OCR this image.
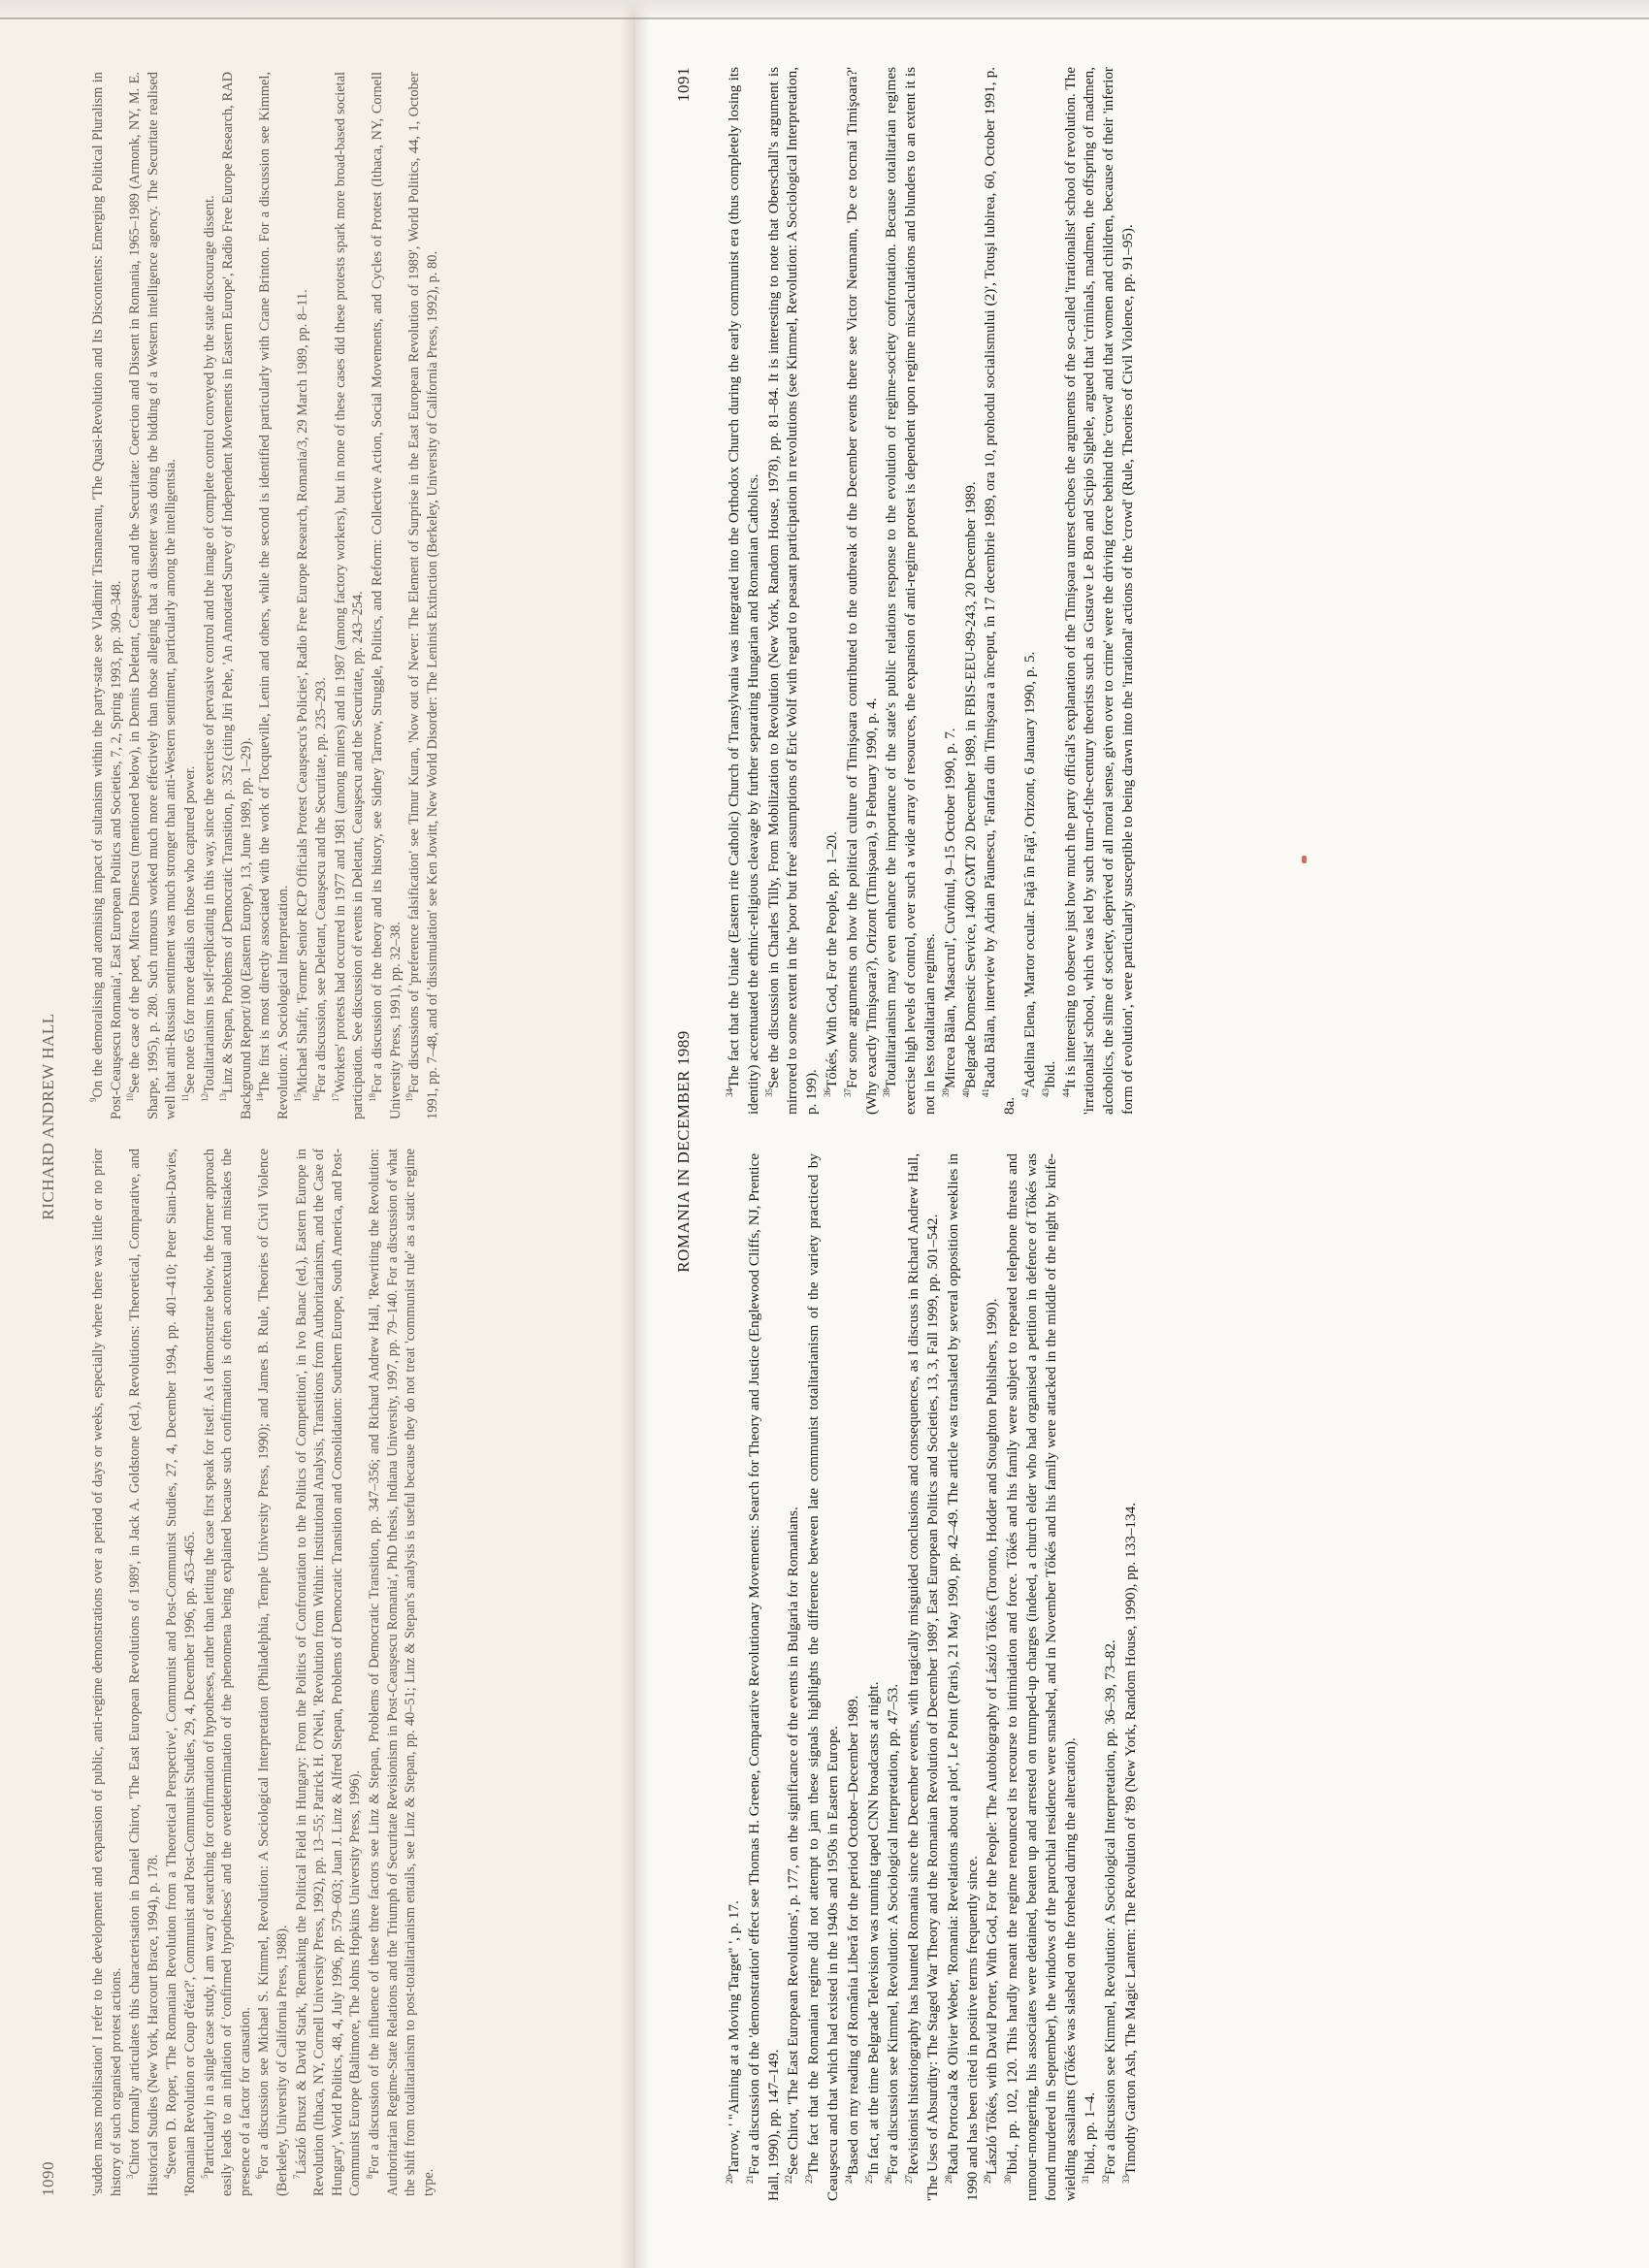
1090
RICHARD ANDREW HALL

'sudden mass mobilisation' I refer to the development and expansion of public, anti-regime demonstrations over a period of days or weeks, especially where there was little or no prior history of such organised protest actions. $^3$Chirot formally articulates this characterisation in Daniel Chirot, 'The East European Revolutions of 1989', in Jack A. Goldstone (ed.), Revolutions: Theoretical, Comparative, and Historical Studies (New York, Harcourt Brace, 1994), p. 178. $^4$Steven D. Roper, 'The Romanian Revolution from a Theoretical Perspective', Communist and Post-Communist Studies, 27, 4, December 1994, pp. 401–410; Peter Siani-Davies, 'Romanian Revolution or Coup d'état?', Communist and Post-Communist Studies, 29, 4, December 1996, pp. 453–465. $^5$Particularly in a single case study, I am wary of searching for confirmation of hypotheses, rather than letting the case first speak for itself. As I demonstrate below, the former approach easily leads to an inflation of 'confirmed hypotheses' and the overdetermination of the phenomena being explained because such confirmation is often acontextual and mistakes the presence of a factor for causation. $^6$For a discussion see Michael S. Kimmel, Revolution: A Sociological Interpretation (Philadelphia, Temple University Press, 1990); and James B. Rule, Theories of Civil Violence (Berkeley, University of California Press, 1988). $^7$László Bruszt & David Stark, 'Remaking the Political Field in Hungary: From the Politics of Confrontation to the Politics of Competition', in Ivo Banac (ed.), Eastern Europe in Revolution (Ithaca, NY, Cornell University Press, 1992), pp. 13–55; Patrick H. O'Neil, 'Revolution from Within: Institutional Analysis, Transitions from Authoritarianism, and the Case of Hungary', World Politics, 48, 4, July 1996, pp. 579–603; Juan J. Linz & Alfred Stepan, Problems of Democratic Transition and Consolidation: Southern Europe, South America, and Post-Communist Europe (Baltimore, The Johns Hopkins University Press, 1996). $^8$For a discussion of the influence of these three factors see Linz & Stepan, Problems of Democratic Transition, pp. 347–356; and Richard Andrew Hall, 'Rewriting the Revolution: Authoritarian Regime-State Relations and the Triumph of Securitate Revisionism in Post-Ceauşescu Romania', PhD thesis, Indiana University, 1997, pp. 79–140. For a discussion of what the shift from totalitarianism to post-totalitarianism entails, see Linz & Stepan, pp. 40–51; Linz & Stepan's analysis is useful because they do not treat 'communist rule' as a static regime type.

$^9$On the demoralising and atomising impact of sultanism within the party-state see Vladimir Tismaneanu, 'The Quasi-Revolution and Its Discontents: Emerging Political Pluralism in Post-Ceauşescu Romania', East European Politics and Societies, 7, 2, Spring 1993, pp. 309–348. $^{10}$See the case of the poet, Mircea Dinescu (mentioned below), in Dennis Deletant, Ceauşescu and the Securitate: Coercion and Dissent in Romania, 1965–1989 (Armonk, NY, M. E. Sharpe, 1995), p. 280. Such rumours worked much more effectively than those alleging that a dissenter was doing the bidding of a Western intelligence agency. The Securitate realised well that anti-Russian sentiment was much stronger than anti-Western sentiment, particularly among the intelligentsia. $^{11}$See note 65 for more details on those who captured power.

$^{12}$Totalitarianism is self-replicating in this way, since the exercise of pervasive control and the image of complete control conveyed by the state discourage dissent.

$^{13}$Linz & Stepan, Problems of Democratic Transition, p. 352 (citing Jiri Pehe, 'An Annotated Survey of Independent Movements in Eastern Europe', Radio Free Europe Research, RAD Background Report/100 (Eastern Europe), 13, June 1989, pp. 1–29). $^{14}$The first is most directly associated with the work of Tocqueville, Lenin and others, while the second is identified particularly with Crane Brinton. For a discussion see Kimmel, Revolution: A Sociological Interpretation. $^{15}$Michael Shafir, 'Former Senior RCP Officials Protest Ceauşescu's Policies', Radio Free Europe Research, Romania/3, 29 March 1989, pp. 8–11.

$^{16}$For a discussion, see Deletant, Ceauşescu and the Securitate, pp. 235–293.

$^{17}$Workers' protests had occurred in 1977 and 1981 (among miners) and in 1987 (among factory workers), but in none of these cases did these protests spark more broad-based societal participation. See discussion of events in Deletant, Ceauşescu and the Securitate, pp. 243–254. $^{18}$For a discussion of the theory and its history, see Sidney Tarrow, Struggle, Politics, and Reform: Collective Action, Social Movements, and Cycles of Protest (Ithaca, NY, Cornell University Press, 1991), pp. 32–38. $^{19}$For discussions of 'preference falsification' see Timur Kuran, 'Now out of Never: The Element of Surprise in the East European Revolution of 1989', World Politics, 44, 1, October 1991, pp. 7–48, and of 'dissimulation' see Ken Jowitt, New World Disorder: The Leninist Extinction (Berkeley, University of California Press, 1992), p. 80.

ROMANIA IN DECEMBER 1989
1091

$^{20}$Tarrow, ' "Aiming at a Moving Target" ', p. 17.

$^{21}$For a discussion of the 'demonstration' effect see Thomas H. Greene, Comparative Revolutionary Movements: Search for Theory and Justice (Englewood Cliffs, NJ, Prentice Hall, 1990), pp. 147–149. $^{22}$See Chirot, 'The East European Revolutions', p. 177, on the significance of the events in Bulgaria for Romanians.

$^{23}$The fact that the Romanian regime did not attempt to jam these signals highlights the difference between late communist totalitarianism of the variety practiced by Ceauşescu and that which had existed in the 1940s and 1950s in Eastern Europe. $^{24}$Based on my reading of România Liberă for the period October–December 1989.

$^{25}$In fact, at the time Belgrade Television was running taped CNN broadcasts at night.

$^{26}$For a discussion see Kimmel, Revolution: A Sociological Interpretation, pp. 47–53.

$^{27}$Revisionist historiography has haunted Romania since the December events, with tragically misguided conclusions and consequences, as I discuss in Richard Andrew Hall, 'The Uses of Absurdity: The Staged War Theory and the Romanian Revolution of December 1989', East European Politics and Societies, 13, 3, Fall 1999, pp. 501–542. $^{28}$Radu Portocala & Olivier Weber, 'Romania: Revelations about a plot', Le Point (Paris), 21 May 1990, pp. 42–49. The article was translated by several opposition weeklies in 1990 and has been cited in positive terms frequently since. $^{29}$László Tőkés, with David Porter, With God, For the People: The Autobiography of László Tőkés (Toronto, Hodder and Stoughton Publishers, 1990).

$^{30}$Ibid., pp. 102, 120. This hardly meant the regime renounced its recourse to intimidation and force. Tőkés and his family were subject to repeated telephone threats and rumour-mongering, his associates were detained, beaten up and arrested on trumped-up charges (indeed, a church elder who had organised a petition in defence of Tőkés was found murdered in September), the windows of the parochial residence were smashed, and in November Tőkés and his family were attacked in the middle of the night by knife-wielding assailants (Tőkés was slashed on the forehead during the altercation). $^{31}$Ibid., pp. 1–4.

$^{32}$For a discussion see Kimmel, Revolution: A Sociological Interpretation, pp. 36–39, 73–82.

$^{33}$Timothy Garton Ash, The Magic Lantern: The Revolution of '89 (New York, Random House, 1990), pp. 133–134.

$^{34}$The fact that the Uniate (Eastern rite Catholic) Church of Transylvania was integrated into the Orthodox Church during the early communist era (thus completely losing its identity) accentuated the ethnic-religious cleavage by further separating Hungarian and Romanian Catholics. $^{35}$See the discussion in Charles Tilly, From Mobilization to Revolution (New York, Random House, 1978), pp. 81–84. It is interesting to note that Oberschall's argument is mirrored to some extent in the 'poor but free' assumptions of Eric Wolf with regard to peasant participation in revolutions (see Kimmel, Revolution: A Sociological Interpretation, p. 199). $^{36}$Tőkés, With God, For the People, pp. 1–20.

$^{37}$For some arguments on how the political culture of Timişoara contributed to the outbreak of the December events there see Victor Neumann, 'De ce tocmai Timişoara?' (Why exactly Timişoara?), Orizont (Timişoara), 9 February 1990, p. 4. $^{38}$Totalitarianism may even enhance the importance of the state's public relations response to the evolution of regime-society confrontation. Because totalitarian regimes exercise high levels of control, over such a wide array of resources, the expansion of anti-regime protest is dependent upon regime miscalculations and blunders to an extent it is not in less totalitarian regimes. $^{39}$Mircea Bălan, 'Masacrul', Cuvîntul, 9–15 October 1990, p. 7.

$^{40}$Belgrade Domestic Service, 1400 GMT 20 December 1989, in FBIS-EEU-89-243, 20 December 1989.

$^{41}$Radu Bălan, interview by Adrian Păunescu, 'Fanfara din Timişoara a început, în 17 decembrie 1989, ora 10, prohodul socialismului (2)', Totuşi Iubirea, 60, October 1991, p. 8a.

$^{42}$Adelina Elena, 'Martor ocular. Faţă în Faţă', Orizont, 6 January 1990, p. 5.

$^{43}$Ibid.

$^{44}$It is interesting to observe just how much the party official's explanation of the Timişoara unrest echoes the arguments of the so-called 'irrationalist' school of revolution. The 'irrationalist' school, which was led by such turn-of-the-century theorists such as Gustave Le Bon and Scipio Sighele, argued that 'criminals, madmen, the offspring of madmen, alcoholics, the slime of society, deprived of all moral sense, given over to crime' were the driving force behind the 'crowd' and that women and children, because of their 'inferior form of evolution', were particularly susceptible to being drawn into the 'irrational' actions of the 'crowd' (Rule, Theories of Civil Violence, pp. 91–95).
